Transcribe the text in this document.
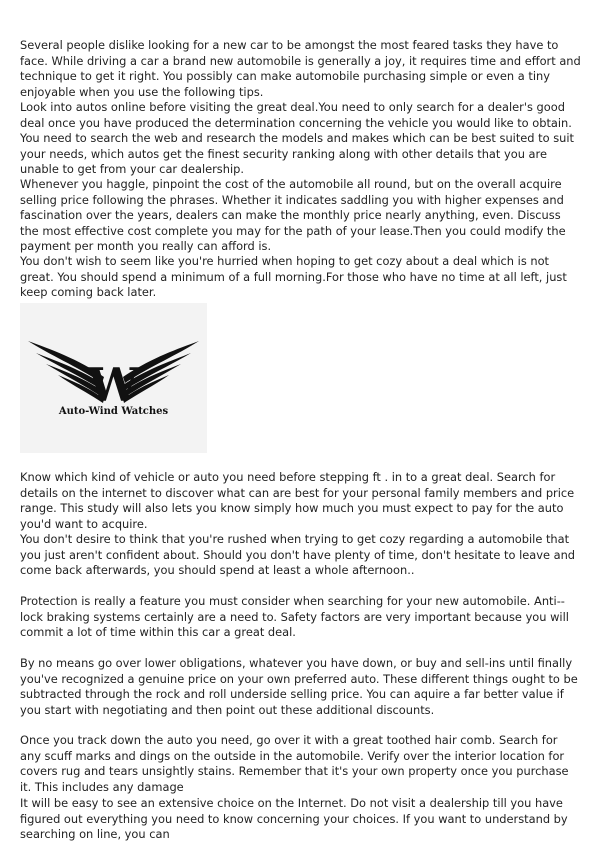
Several people dislike looking for a new car to be amongst the most feared tasks they have to face. While driving a car a brand new automobile is generally a joy, it requires time and effort and technique to get it right. You possibly can make automobile purchasing simple or even a tiny enjoyable when you use the following tips.

Look into autos online before visiting the great deal.You need to only search for a dealer's good deal once you have produced the determination concerning the vehicle you would like to obtain. You need to search the web and research the models and makes which can be best suited to suit your needs, which autos get the finest security ranking along with other details that you are unable to get from your car dealership.

Whenever you haggle, pinpoint the cost of the automobile all round, but on the overall acquire selling price following the phrases. Whether it indicates saddling you with higher expenses and fascination over the years, dealers can make the monthly price nearly anything, even. Discuss the most effective cost complete you may for the path of your lease.Then you could modify the payment per month you really can afford is.

You don't wish to seem like you're hurried when hoping to get cozy about a deal which is not great. You should spend a minimum of a full morning.For those who have no time at all left, just keep coming back later.

W
Auto-Wind Watches

Know which kind of vehicle or auto you need before stepping ft . in to a great deal. Search for details on the internet to discover what can are best for your personal family members and price range. This study will also lets you know simply how much you must expect to pay for the auto you'd want to acquire.

You don't desire to think that you're rushed when trying to get cozy regarding a automobile that you just aren't confident about. Should you don't have plenty of time, don't hesitate to leave and come back afterwards, you should spend at least a whole afternoon..

Protection is really a feature you must consider when searching for your new automobile. Anti--lock braking systems certainly are a need to. Safety factors are very important because you will commit a lot of time within this car a great deal.

By no means go over lower obligations, whatever you have down, or buy and sell-ins until finally you've recognized a genuine price on your own preferred auto. These different things ought to be subtracted through the rock and roll underside selling price. You can aquire a far better value if you start with negotiating and then point out these additional discounts.

Once you track down the auto you need, go over it with a great toothed hair comb. Search for any scuff marks and dings on the outside in the automobile. Verify over the interior location for covers rug and tears unsightly stains. Remember that it's your own property once you purchase it. This includes any damage

It will be easy to see an extensive choice on the Internet. Do not visit a dealership till you have figured out everything you need to know concerning your choices. If you want to understand by searching on line, you can
